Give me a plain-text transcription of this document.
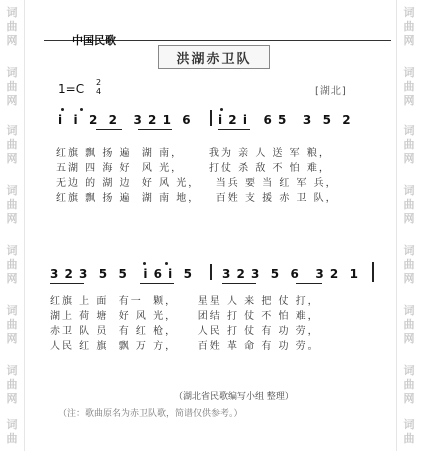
词
曲
网
词
曲
网
词
曲
网
词
曲
网
词
曲
网
词
曲
网
词
曲
网
词
曲
词
曲
网
词
曲
网
词
曲
网
词
曲
网
词
曲
网
词
曲
网
词
曲
网
词
曲
中国民歌
洪湖赤卫队
1=C 2
4	[湖北]
i  i  2  2   3 2 1  6 i 2 i   6 5   3  5  2
红旗 飘 扬 遍  湖 南，     我为 亲 人 送 军 粮，
五湖 四 海 好  风 光，     打仗 杀 敌 不 怕 难，
无边 的 湖 边  好 风 光，   当兵 要 当 红 军 兵，
红旗 飘 扬 遍  湖 南 地，   百姓 支 援 赤 卫 队，
3 2 3  5  5   i 6 i  5 3 2 3  5  6   3 2  1
红旗 上 面  有一  颗，    星星 人 来 把 仗 打，
湖上 荷 塘  好 风 光，    团结 打 仗 不 怕 难，
赤卫 队 员  有 红 枪，    人民 打 仗 有 功 劳，
人民 红 旗  飘 万 方，    百姓 革 命 有 功 劳。
（湖北省民歌编写小组 整理）
（注：歌曲原名为赤卫队歌，简谱仅供参考。）
